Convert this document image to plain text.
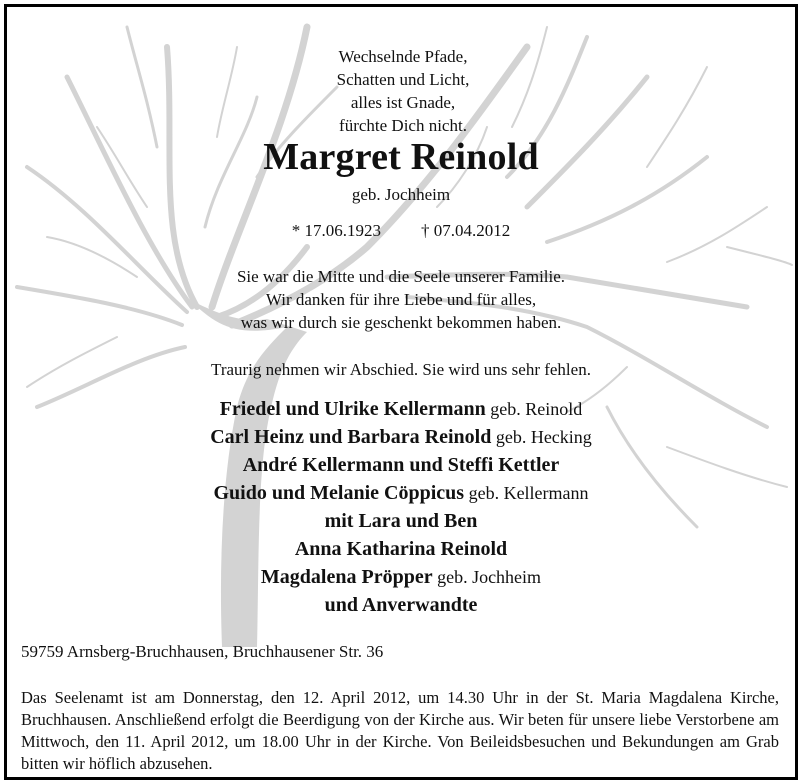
Wechselnde Pfade,
Schatten und Licht,
alles ist Gnade,
fürchte Dich nicht.
Margret Reinold
geb. Jochheim
* 17.06.1923 † 07.04.2012
Sie war die Mitte und die Seele unserer Familie.
Wir danken für ihre Liebe und für alles,
was wir durch sie geschenkt bekommen haben.
Traurig nehmen wir Abschied. Sie wird uns sehr fehlen.
Friedel und Ulrike Kellermann geb. Reinold
Carl Heinz und Barbara Reinold geb. Hecking
André Kellermann und Steffi Kettler
Guido und Melanie Cöppicus geb. Kellermann
mit Lara und Ben
Anna Katharina Reinold
Magdalena Pröpper geb. Jochheim
und Anverwandte
59759 Arnsberg-Bruchhausen, Bruchhausener Str. 36
Das Seelenamt ist am Donnerstag, den 12. April 2012, um 14.30 Uhr in der St. Maria Magdalena Kirche, Bruchhausen. Anschließend erfolgt die Beerdigung von der Kirche aus. Wir beten für unsere liebe Verstorbene am Mittwoch, den 11. April 2012, um 18.00 Uhr in der Kirche. Von Beileidsbesuchen und Bekundungen am Grab bitten wir höflich abzusehen.
